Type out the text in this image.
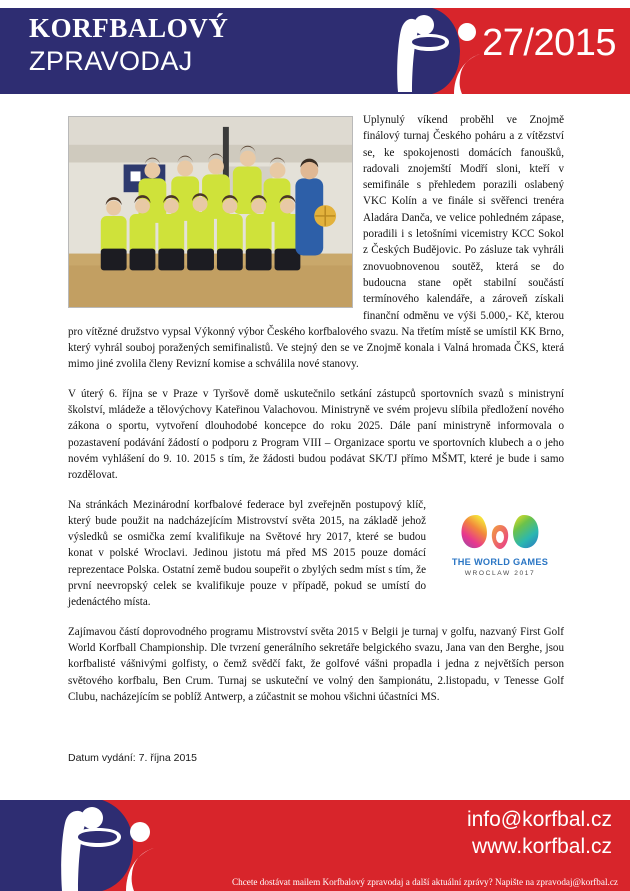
KORFBALOVÝ
ZPRAVODAJ	27/2015

Uplynulý víkend proběhl ve Znojmě finálový turnaj Českého poháru a z vítězství se, ke spokojenosti domácích fanoušků, radovali znojemští Modří sloni, kteří v semifinále s přehledem porazili oslabený VKC Kolín a ve finále si svěřenci trenéra Aladára Danča, ve velice pohledném zápase, poradili i s letošními vicemistry KCC Sokol z Českých Budějovic. Po zásluze tak vyhráli znovuobnovenou soutěž, která se do budoucna stane opět stabilní součástí termínového kalendáře, a zároveň získali finanční odměnu ve výši 5.000,- Kč, kterou pro vítězné družstvo vypsal Výkonný výbor Českého korfbalového svazu. Na třetím místě se umístil KK Brno, který vyhrál souboj poražených semifinalistů. Ve stejný den se ve Znojmě konala i Valná hromada ČKS, která mimo jiné zvolila členy Revizní komise a schválila nové stanovy.

V úterý 6. října se v Praze v Tyršově domě uskutečnilo setkání zástupců sportovních svazů s ministryní školství, mládeže a tělovýchovy Kateřinou Valachovou. Ministryně ve svém projevu slíbila předložení nového zákona o sportu, vytvoření dlouhodobé koncepce do roku 2025. Dále paní ministryně informovala o pozastavení podávání žádostí o podporu z Program VIII – Organizace sportu ve sportovních klubech a o jeho novém vyhlášení do 9. 10. 2015 s tím, že žádosti budou podávat SK/TJ přímo MŠMT, které je bude i samo rozdělovat.

THE WORLD GAMES
WROCLAW 2017

Na stránkách Mezinárodní korfbalové federace byl zveřejněn postupový klíč, který bude použit na nadcházejícím Mistrovství světa 2015, na základě jehož výsledků se osmička zemí kvalifikuje na Světové hry 2017, které se budou konat v polské Wroclavi. Jedinou jistotu má před MS 2015 pouze domácí reprezentace Polska. Ostatní země budou soupeřit o zbylých sedm míst s tím, že první neevropský celek se kvalifikuje pouze v případě, pokud se umístí do jedenáctého místa.

Zajímavou částí doprovodného programu Mistrovství světa 2015 v Belgii je turnaj v golfu, nazvaný First Golf World Korfball Championship. Dle tvrzení generálního sekretáře belgického svazu, Jana van den Berghe, jsou korfbalisté vášnivými golfisty, o čemž svědčí fakt, že golfové vášni propadla i jedna z největších person světového korfbalu, Ben Crum. Turnaj se uskuteční ve volný den šampionátu, 2.listopadu, v Tenesse Golf Clubu, nacházejícím se poblíž Antwerp, a zúčastnit se mohou všichni účastníci MS.

Datum vydání: 7. října 2015
info@korfbal.cz
www.korfbal.cz
Chcete dostávat mailem Korfbalový zpravodaj a další aktuální zprávy? Napište na zpravodaj@korfbal.cz
